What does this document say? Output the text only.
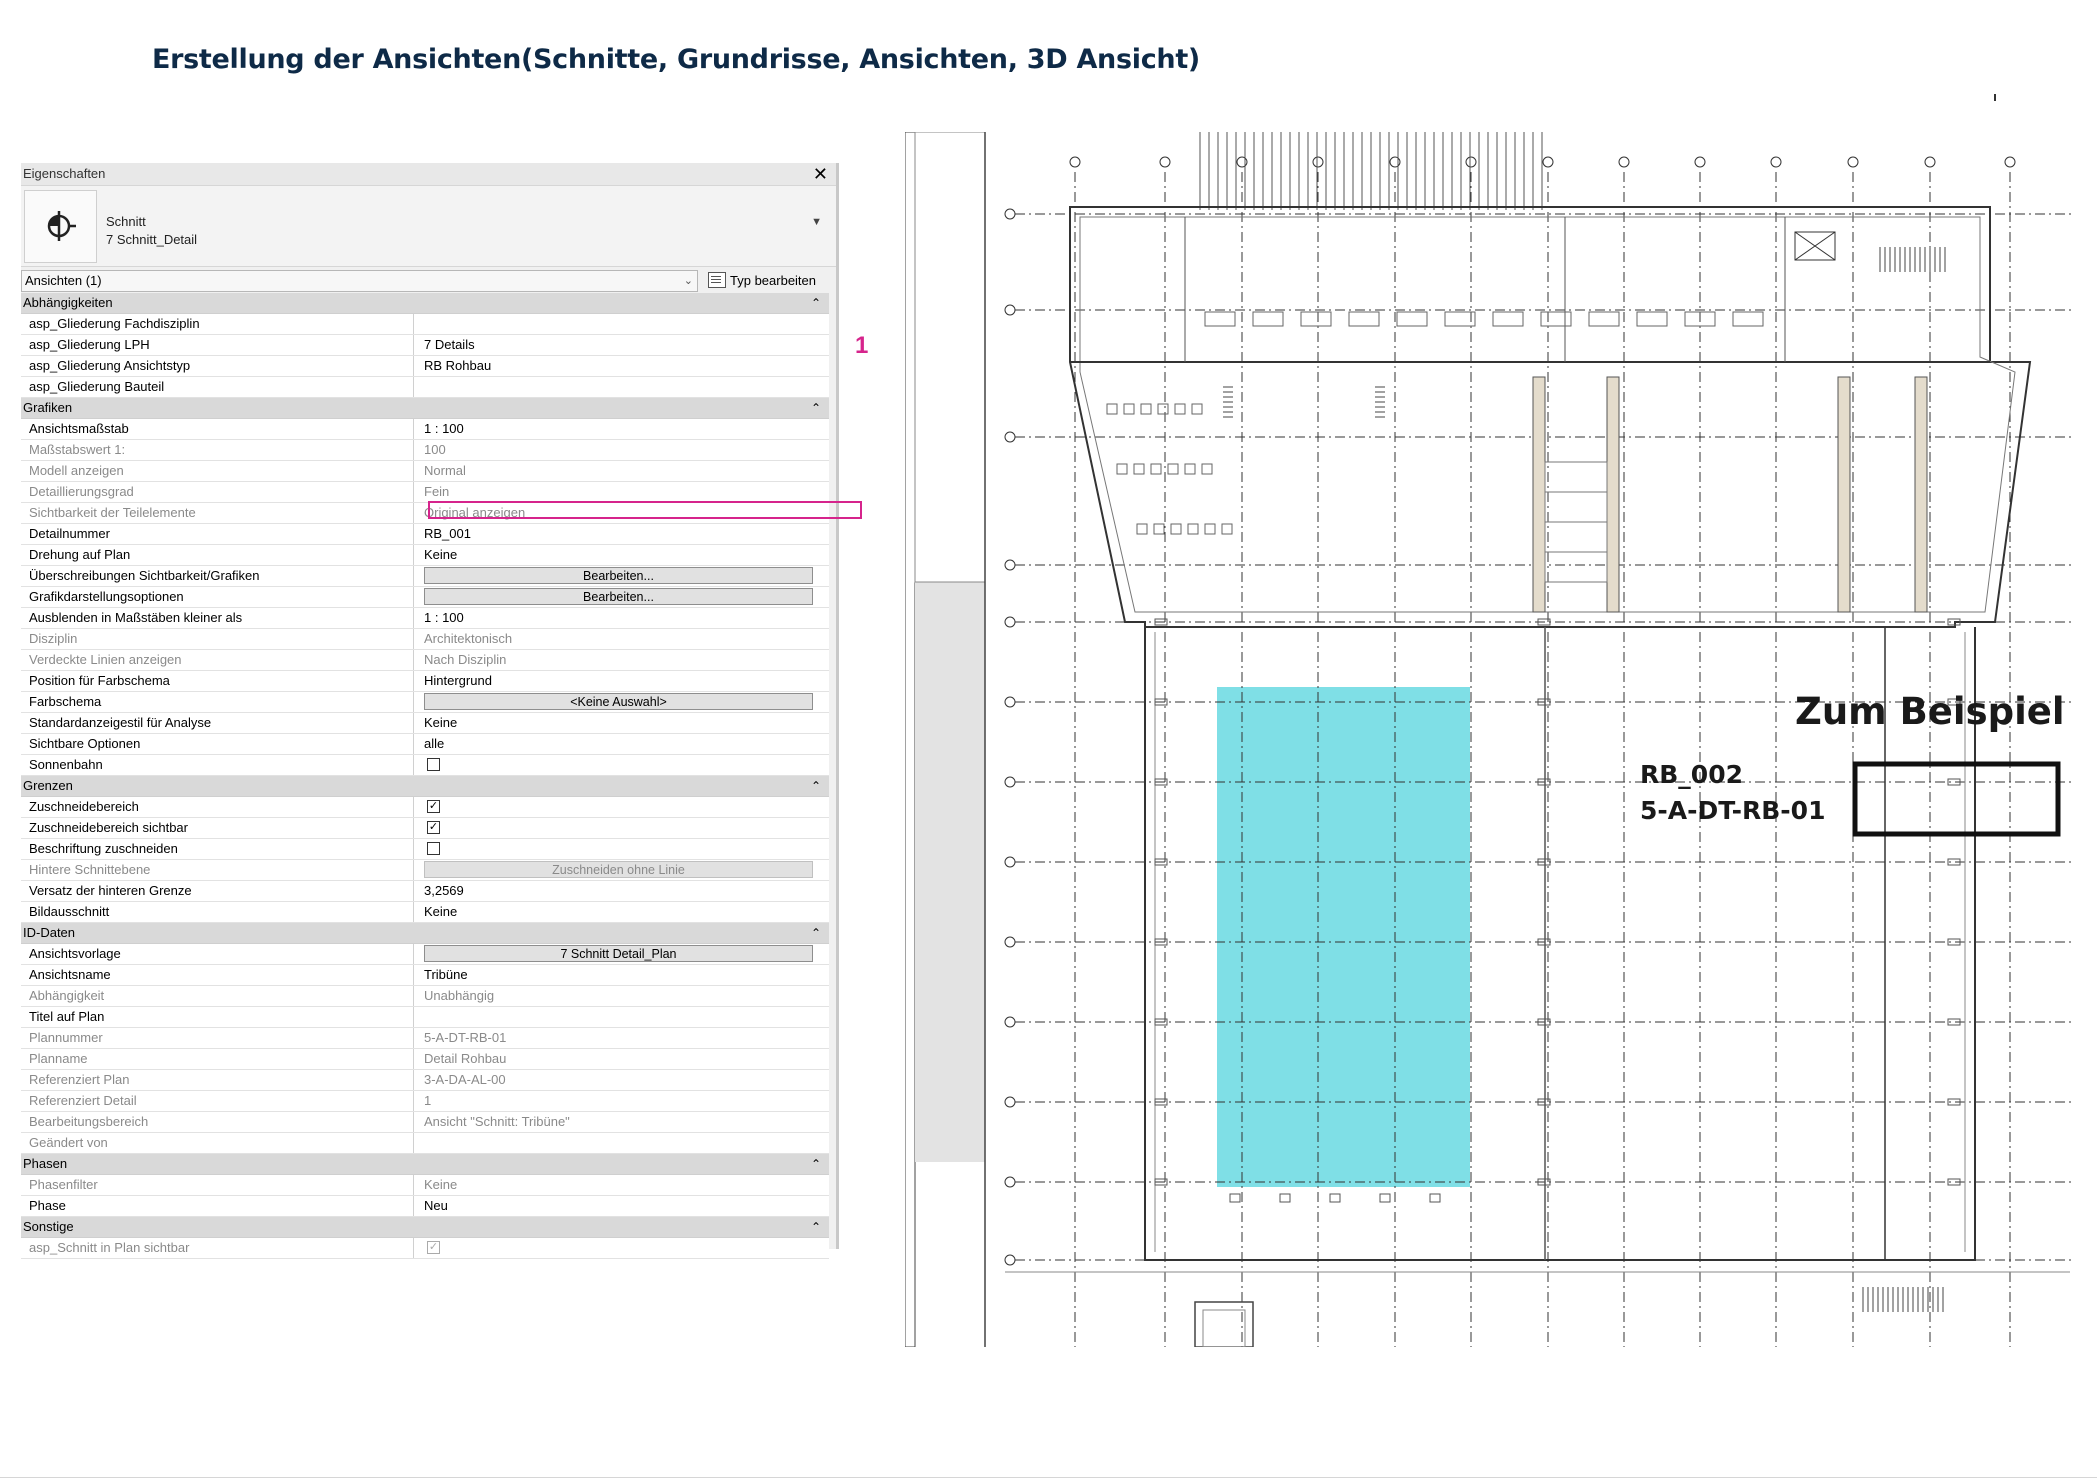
Erstellung der Ansichten(Schnitte, Grundrisse, Ansichten, 3D Ansicht)
Eigenschaften	✕
Schnitt
7 Schnitt_Detail
▼
Ansichten (1)	⌄	Typ bearbeiten
Abhängigkeiten	⌃
asp_Gliederung Fachdisziplin
asp_Gliederung LPH	7 Details
asp_Gliederung Ansichtstyp	RB Rohbau
asp_Gliederung Bauteil
Grafiken	⌃
Ansichtsmaßstab	1 : 100
Maßstabswert 1:	100
Modell anzeigen	Normal
Detaillierungsgrad	Fein
Sichtbarkeit der Teilelemente	Original anzeigen
Detailnummer	RB_001
Drehung auf Plan	Keine
Überschreibungen Sichtbarkeit/Grafiken	Bearbeiten...
Grafikdarstellungsoptionen	Bearbeiten...
Ausblenden in Maßstäben kleiner als	1 : 100
Disziplin	Architektonisch
Verdeckte Linien anzeigen	Nach Disziplin
Position für Farbschema	Hintergrund
Farbschema	<Keine Auswahl>
Standardanzeigestil für Analyse	Keine
Sichtbare Optionen	alle
Sonnenbahn
Grenzen	⌃
Zuschneidebereich	✓
Zuschneidebereich sichtbar	✓
Beschriftung zuschneiden
Hintere Schnittebene	Zuschneiden ohne Linie
Versatz der hinteren Grenze	3,2569
Bildausschnitt	Keine
ID-Daten	⌃
Ansichtsvorlage	7 Schnitt Detail_Plan
Ansichtsname	Tribüne
Abhängigkeit	Unabhängig
Titel auf Plan
Plannummer	5-A-DT-RB-01
Planname	Detail Rohbau
Referenziert Plan	3-A-DA-AL-00
Referenziert Detail	1
Bearbeitungsbereich	Ansicht "Schnitt: Tribüne"
Geändert von
Phasen	⌃
Phasenfilter	Keine
Phase	Neu
Sonstige	⌃
asp_Schnitt in Plan sichtbar	✓
1
Zum Beispiel
RB_002
5-A-DT-RB-01
